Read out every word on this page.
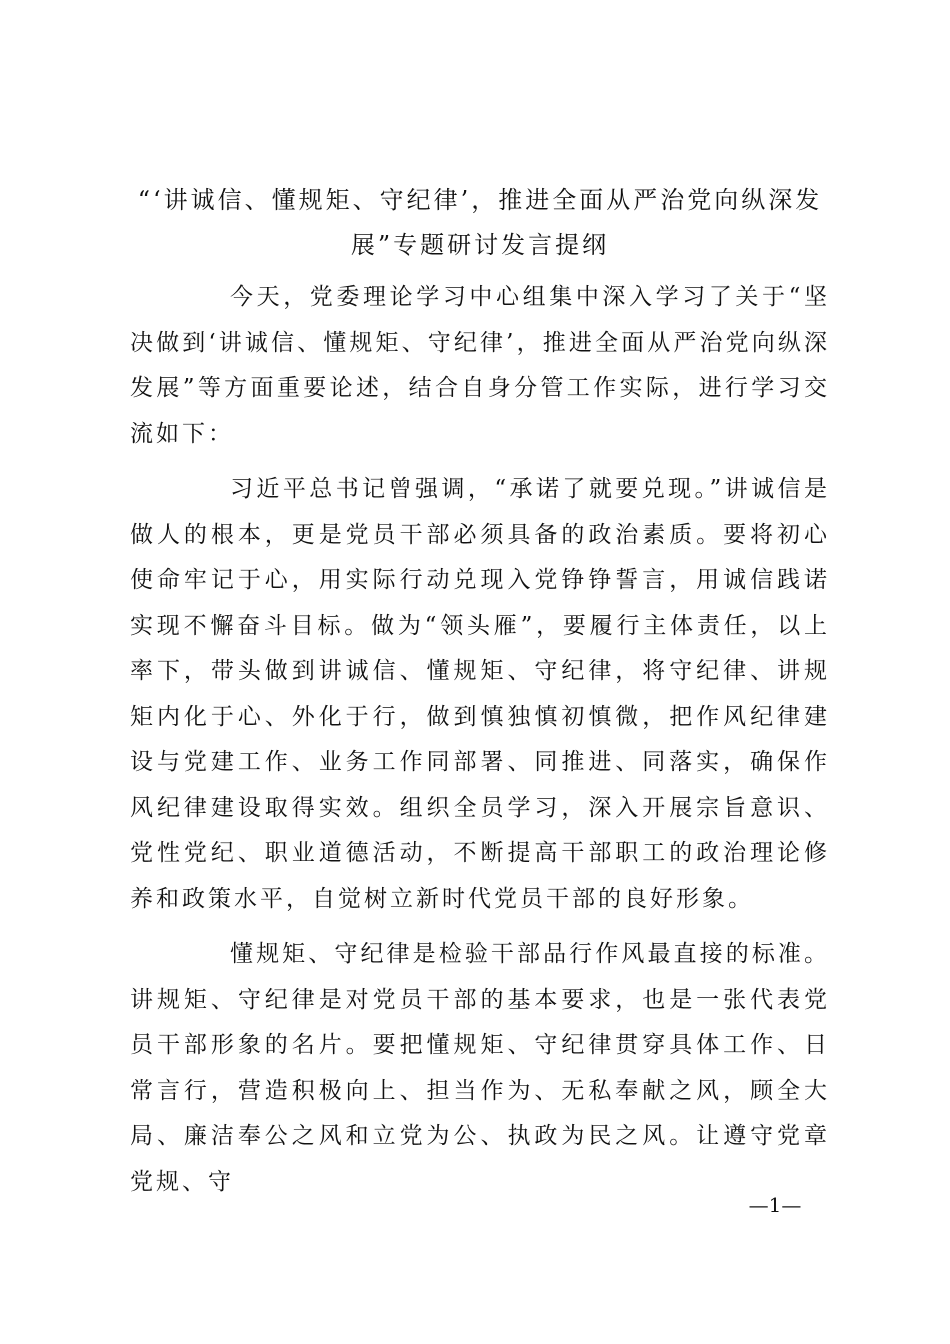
“‘讲诚信、懂规矩、守纪律’，推进全面从严治党向纵深发展”专题研讨发言提纲

今天，党委理论学习中心组集中深入学习了关于“坚决做到‘讲诚信、懂规矩、守纪律’，推进全面从严治党向纵深发展”等方面重要论述，结合自身分管工作实际，进行学习交流如下：

习近平总书记曾强调，“承诺了就要兑现。”讲诚信是做人的根本，更是党员干部必须具备的政治素质。要将初心使命牢记于心，用实际行动兑现入党铮铮誓言，用诚信践诺实现不懈奋斗目标。做为“领头雁”，要履行主体责任，以上率下，带头做到讲诚信、懂规矩、守纪律，将守纪律、讲规矩内化于心、外化于行，做到慎独慎初慎微，把作风纪律建设与党建工作、业务工作同部署、同推进、同落实，确保作风纪律建设取得实效。组织全员学习，深入开展宗旨意识、党性党纪、职业道德活动，不断提高干部职工的政治理论修养和政策水平，自觉树立新时代党员干部的良好形象。

懂规矩、守纪律是检验干部品行作风最直接的标准。讲规矩、守纪律是对党员干部的基本要求，也是一张代表党员干部形象的名片。要把懂规矩、守纪律贯穿具体工作、日常言行，营造积极向上、担当作为、无私奉献之风，顾全大局、廉洁奉公之风和立党为公、执政为民之风。让遵守党章党规、守

—1—
